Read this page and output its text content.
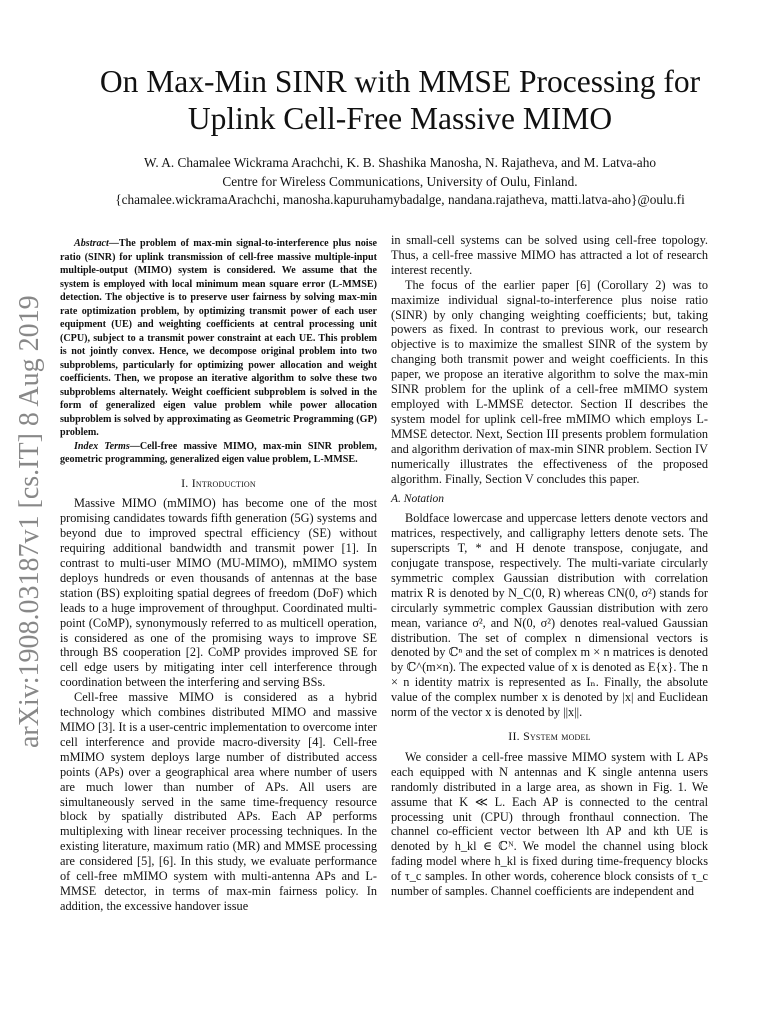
arXiv:1908.03187v1 [cs.IT] 8 Aug 2019
On Max-Min SINR with MMSE Processing for
Uplink Cell-Free Massive MIMO
W. A. Chamalee Wickrama Arachchi, K. B. Shashika Manosha, N. Rajatheva, and M. Latva-aho
Centre for Wireless Communications, University of Oulu, Finland.
{chamalee.wickramaArachchi, manosha.kapuruhamybadalge, nandana.rajatheva, matti.latva-aho}@oulu.fi

Abstract—The problem of max-min signal-to-interference plus noise ratio (SINR) for uplink transmission of cell-free massive multiple-input multiple-output (MIMO) system is considered. We assume that the system is employed with local minimum mean square error (L-MMSE) detection. The objective is to preserve user fairness by solving max-min rate optimization problem, by optimizing transmit power of each user equipment (UE) and weighting coefficients at central processing unit (CPU), subject to a transmit power constraint at each UE. This problem is not jointly convex. Hence, we decompose original problem into two subproblems, particularly for optimizing power allocation and weight coefficients. Then, we propose an iterative algorithm to solve these two subproblems alternately. Weight coefficient subproblem is solved in the form of generalized eigen value problem while power allocation subproblem is solved by approximating as Geometric Programming (GP) problem.

Index Terms—Cell-free massive MIMO, max-min SINR problem, geometric programming, generalized eigen value problem, L-MMSE.

I. Introduction

Massive MIMO (mMIMO) has become one of the most promising candidates towards fifth generation (5G) systems and beyond due to improved spectral efficiency (SE) without requiring additional bandwidth and transmit power [1]. In contrast to multi-user MIMO (MU-MIMO), mMIMO system deploys hundreds or even thousands of antennas at the base station (BS) exploiting spatial degrees of freedom (DoF) which leads to a huge improvement of throughput. Coordinated multi-point (CoMP), synonymously referred to as multicell operation, is considered as one of the promising ways to improve SE through BS cooperation [2]. CoMP provides improved SE for cell edge users by mitigating inter cell interference through coordination between the interfering and serving BSs.

Cell-free massive MIMO is considered as a hybrid technology which combines distributed MIMO and massive MIMO [3]. It is a user-centric implementation to overcome inter cell interference and provide macro-diversity [4]. Cell-free mMIMO system deploys large number of distributed access points (APs) over a geographical area where number of users are much lower than number of APs. All users are simultaneously served in the same time-frequency resource block by spatially distributed APs. Each AP performs multiplexing with linear receiver processing techniques. In the existing literature, maximum ratio (MR) and MMSE processing are considered [5], [6]. In this study, we evaluate performance of cell-free mMIMO system with multi-antenna APs and L-MMSE detector, in terms of max-min fairness policy. In addition, the excessive handover issue

in small-cell systems can be solved using cell-free topology. Thus, a cell-free massive MIMO has attracted a lot of research interest recently.

The focus of the earlier paper [6] (Corollary 2) was to maximize individual signal-to-interference plus noise ratio (SINR) by only changing weighting coefficients; but, taking powers as fixed. In contrast to previous work, our research objective is to maximize the smallest SINR of the system by changing both transmit power and weight coefficients. In this paper, we propose an iterative algorithm to solve the max-min SINR problem for the uplink of a cell-free mMIMO system employed with L-MMSE detector. Section II describes the system model for uplink cell-free mMIMO which employs L-MMSE detector. Next, Section III presents problem formulation and algorithm derivation of max-min SINR problem. Section IV numerically illustrates the effectiveness of the proposed algorithm. Finally, Section V concludes this paper.

A. Notation

Boldface lowercase and uppercase letters denote vectors and matrices, respectively, and calligraphy letters denote sets. The superscripts T, * and H denote transpose, conjugate, and conjugate transpose, respectively. The multi-variate circularly symmetric complex Gaussian distribution with correlation matrix R is denoted by N_C(0, R) whereas CN(0, σ²) stands for circularly symmetric complex Gaussian distribution with zero mean, variance σ², and N(0, σ²) denotes real-valued Gaussian distribution. The set of complex n dimensional vectors is denoted by ℂⁿ and the set of complex m × n matrices is denoted by ℂ^(m×n). The expected value of x is denoted as E{x}. The n × n identity matrix is represented as Iₙ. Finally, the absolute value of the complex number x is denoted by |x| and Euclidean norm of the vector x is denoted by ||x||.

II. System model

We consider a cell-free massive MIMO system with L APs each equipped with N antennas and K single antenna users randomly distributed in a large area, as shown in Fig. 1. We assume that K ≪ L. Each AP is connected to the central processing unit (CPU) through fronthaul connection. The channel co-efficient vector between lth AP and kth UE is denoted by h_kl ∈ ℂᴺ. We model the channel using block fading model where h_kl is fixed during time-frequency blocks of τ_c samples. In other words, coherence block consists of τ_c number of samples. Channel coefficients are independent and
